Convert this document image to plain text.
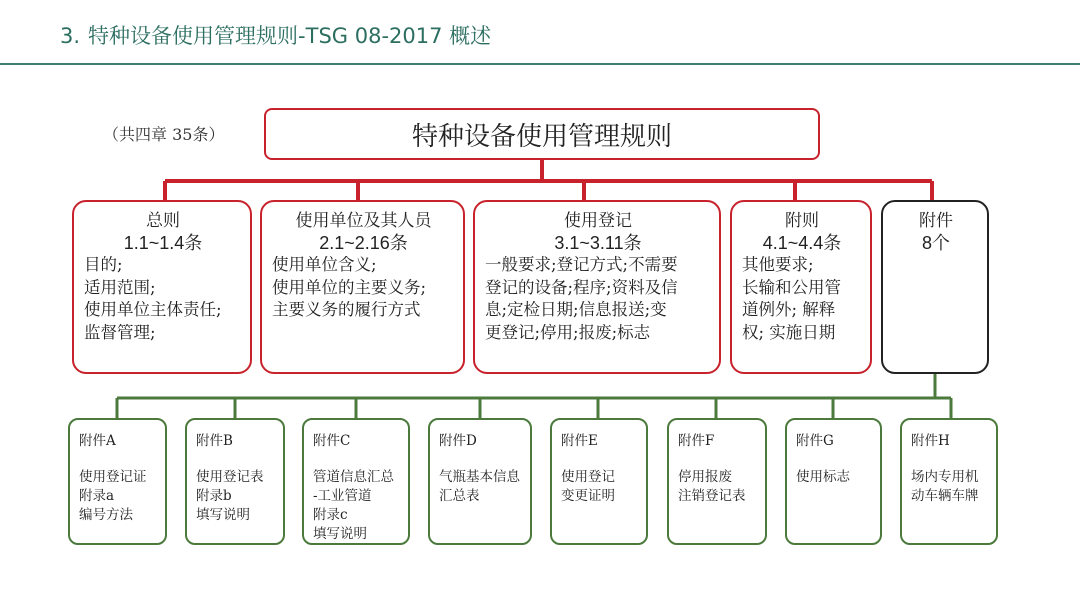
3. 特种设备使用管理规则-TSG 08-2017 概述
（共四章 35条）	特种设备使用管理规则
总则
1.1~1.4条
目的;
适用范围;
使用单位主体责任;
监督管理;
使用单位及其人员
2.1~2.16条
使用单位含义;
使用单位的主要义务;
主要义务的履行方式
使用登记
3.1~3.11条
一般要求;登记方式;不需要
登记的设备;程序;资料及信
息;定检日期;信息报送;变
更登记;停用;报废;标志
附则
4.1~4.4条
其他要求;
长输和公用管
道例外; 解释
权; 实施日期
附件
8个
附件A
使用登记证
附录a
编号方法
附件B
使用登记表
附录b
填写说明
附件C
管道信息汇总
-工业管道
附录c
填写说明
附件D
气瓶基本信息
汇总表
附件E
使用登记
变更证明
附件F
停用报废
注销登记表
附件G
使用标志
附件H
场内专用机
动车辆车牌
